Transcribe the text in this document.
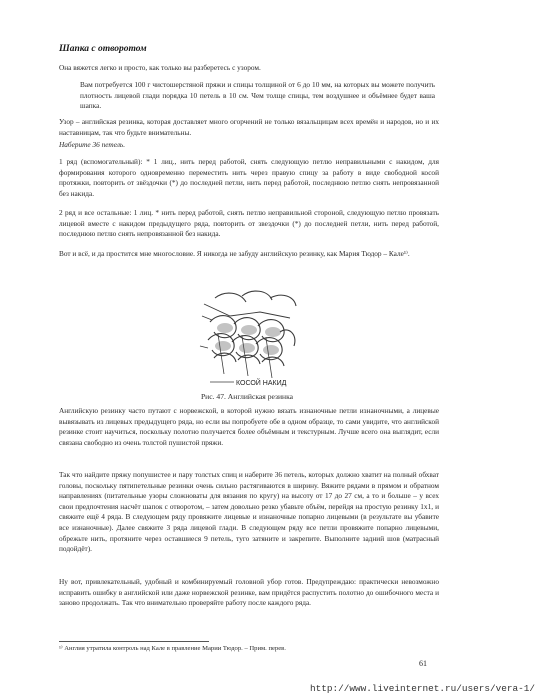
Шапка с отворотом

Она вяжется легко и просто, как только вы разберетесь с узором.

Вам потребуется 100 г чистошерстяной пряжи и спицы толщиной от 6 до 10 мм, на которых вы можете получить плотность лицевой глади порядка 10 петель в 10 см. Чем толще спицы, тем воздушнее и объёмнее будет ваша шапка.

Узор – английская резинка, которая доставляет много огорчений не только вязальщицам всех времён и народов, но и их наставницам, так что будьте внимательны.

Наберите 36 петель.

1 ряд (вспомогательный): * 1 лиц., нить перед работой, снять следующую петлю неправильными с накидом, для формирования которого одновременно переместить нить через правую спицу за работу в виде свободной косой протяжки, повторить от звёздочки (*) до последней петли, нить перед работой, последнюю петлю снять непровязанной без накида.

2 ряд и все остальные: 1 лиц. * нить перед работой, снять петлю неправильной стороной, следующую петлю провязать лицевой вместе с накидом предыдущего ряда, повторить от звездочки (*) до последней петли, нить перед работой, последнюю петлю снять непровязанной без накида.

Вот и всё, и да простится мне многословие. Я никогда не забуду английскую резинку, как Мария Тюдор – Кале¹⁾.

КОСОЙ НАКИД

Рис. 47. Английская резинка

Английскую резинку часто путают с норвежской, в которой нужно вязать изнаночные петли изнаночными, а лицевые вывязывать из лицевых предыдущего ряда, но если вы попробуете обе в одном образце, то сами увидите, что английской резинке стоит научиться, поскольку полотно получается более объёмным и текстурным. Лучше всего она выглядит, если связана свободно из очень толстой пушистой пряжи.

Так что найдите пряжу попушистее и пару толстых спиц и наберите 36 петель, которых должно хватит на полный обхват головы, поскольку пятипетельные резинки очень сильно растягиваются в ширину. Вяжите рядами в прямом и обратном направлениях (питательные узоры сложноваты для вязания по кругу) на высоту от 17 до 27 см, а то и больше – у всех свои предпочтения насчёт шапок с отворотом, – затем довольно резко убавьте объём, перейдя на простую резинку 1x1, и свяжите ещё 4 ряда. В следующем ряду провяжите лицевые и изнаночные попарно лицевыми (в результате вы убавите все изнаночные). Далее свяжите 3 ряда лицевой глади. В следующем ряду все петли провяжите попарно лицевыми, обрежьте нить, протяните через оставшиеся 9 петель, туго затяните и закрепите. Выполните задний шов (матрасный подойдёт).

Ну вот, привлекательный, удобный и комбинируемый головной убор готов. Предупреждаю: практически невозможно исправить ошибку в английской или даже норвежской резинке, вам придётся распустить полотно до ошибочного места и заново продолжать. Так что внимательно проверяйте работу после каждого ряда.

¹⁾ Англия утратила контроль над Кале в правление Марии Тюдор. – Прим. перев.

61

http://www.liveinternet.ru/users/vera-1/
